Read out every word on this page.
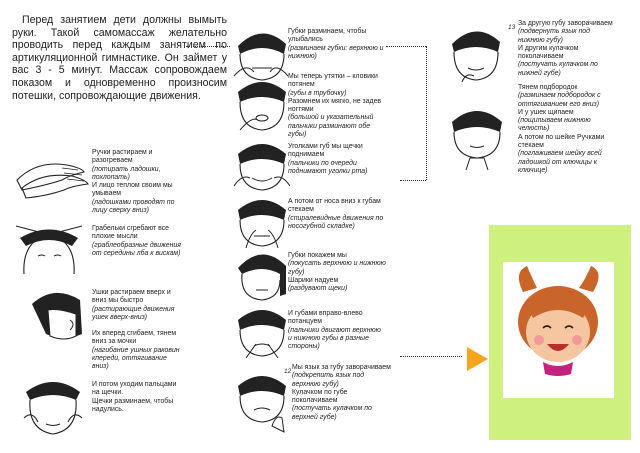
Перед занятием дети должны вымыть руки. Такой самомассаж желательно проводить перед каждым занятием по артикуляционной гимнастике. Он займет у вас 3 - 5 минут. Массаж сопровождаем показом и одновременно произносим потешки, сопровождающие движения.
Ручки растираем и разогреваем
(потирать ладошки, похлопать)
И лицо теплом своим мы умываем
(ладошками проводят по лицу сверху вниз)
Грабельки сгребают все плохие мысли
(граблеобразные движения от середины лба к вискам)
Ушки растираем вверх и вниз мы быстро
(растирающие движения ушек вверх-вниз)
Их вперед сгибаем, тянем вниз за мочки
(нагибание ушных раковин кпереди, оттягивание вниз)
И потом уходим пальцами на щечки.
Щечки разминаем, чтобы надулись.
Губки разминаем, чтобы улыбались
(разминаем губки: верхнюю и нижнюю)
Мы теперь утятки – кловики потянем
(губы в трубочку)
Разомнем их мягко, не задев ногтями
(большой и указательный пальчики разминают обе губы)
Уголками губ мы щечки поднимаем
(пальчики по очереди поднимают уголки рта)
А потом от носа вниз к губам стекаем
(спиралевидные движения по носогубной складке)
Губки покажем мы
(покусать верхнюю и нижнюю губу)
Шарики надуем
(раздувают щеки)
И губами вправо-влево потанцуем
(пальчики двигают верхнюю и нижнюю губы в разные стороны)
12
Мы язык за губу заворачиваем
(подкрепить язык под верхнюю губу)
Кулачком по губе поколачиваем
(постучать кулачком по верхней губе)
13
За другую губу заворачиваем
(подвернуть язык под нижнюю губу)
И другим кулачком поколачиваем
(постучать кулачком по нижней губе)
Тянем подбородок
(разминаем подбородок с оттягиванием его вниз)
И у ушек щипаем
(пощипываем нижнюю челюсть)
А потом по шейке Ручками стекаем
(поглаживаем шейку всей ладошкой от ключицы к ключице)
